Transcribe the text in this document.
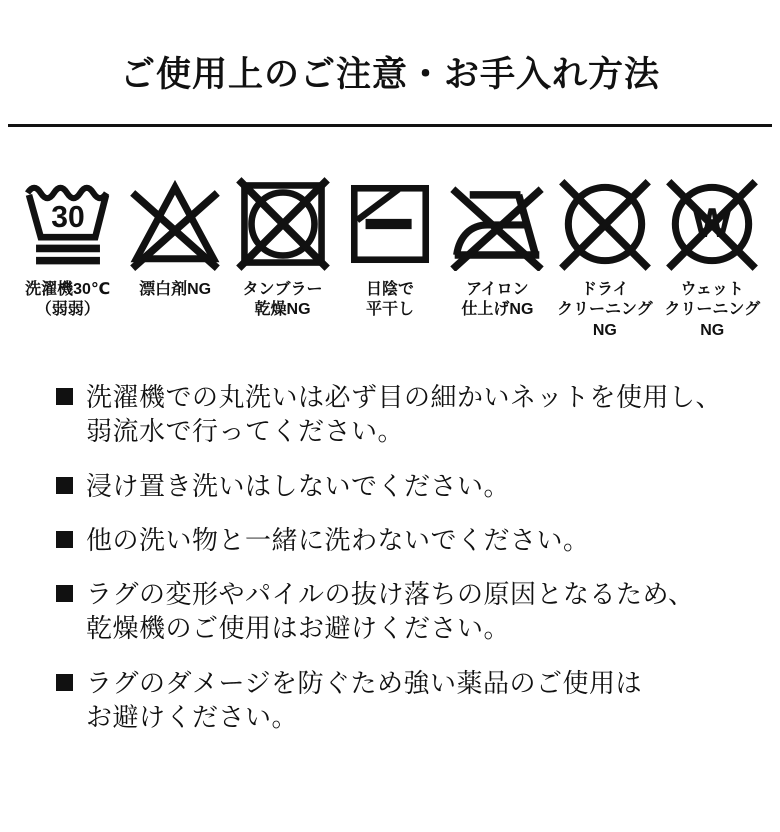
ご使用上のご注意・お手入れ方法
30
洗濯機30℃
（弱弱）
漂白剤NG タンブラー
乾燥NG
日陰で
平干し
アイロン
仕上げNG
ドライ
クリーニング
NG
W
ウェット
クリーニング
NG
洗濯機での丸洗いは必ず目の細かいネットを使用し、
弱流水で行ってください。
浸け置き洗いはしないでください。
他の洗い物と一緒に洗わないでください。
ラグの変形やパイルの抜け落ちの原因となるため、
乾燥機のご使用はお避けください。
ラグのダメージを防ぐため強い薬品のご使用は
お避けください。
